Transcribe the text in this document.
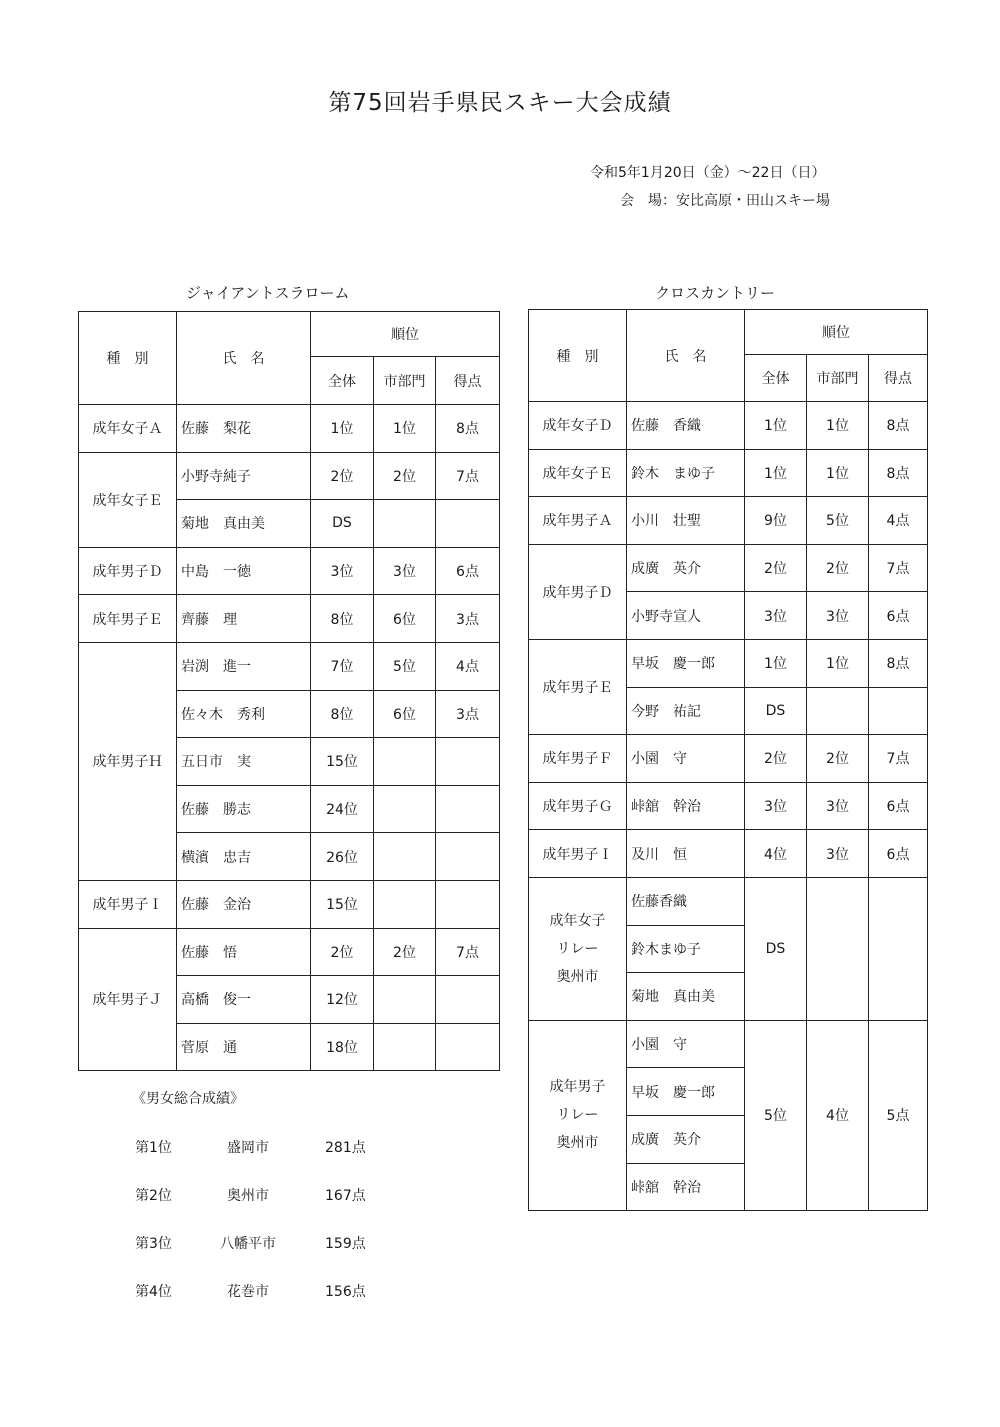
第75回岩手県民スキー大会成績
令和5年1月20日（金）～22日（日）
会　場：安比高原・田山スキー場
ジャイアントスラローム	クロスカントリー
種　別	氏　名	順位		
		全体	市部門	得点
成年女子Ａ	佐藤　梨花	1位	1位	8点
成年女子Ｅ	小野寺純子	2位	2位	7点
	菊地　真由美	DS		
成年男子Ｄ	中島　一徳	3位	3位	6点
成年男子Ｅ	齊藤　理	8位	6位	3点
成年男子Ｈ	岩渕　進一	7位	5位	4点
	佐々木　秀利	8位	6位	3点
	五日市　実	15位		
	佐藤　勝志	24位		
	横濱　忠吉	26位		
成年男子Ｉ	佐藤　金治	15位		
成年男子Ｊ	佐藤　悟	2位	2位	7点
	高橋　俊一	12位		
	菅原　通	18位		
種　別	氏　名	順位		
		全体	市部門	得点
成年女子Ｄ	佐藤　香織	1位	1位	8点
成年女子Ｅ	鈴木　まゆ子	1位	1位	8点
成年男子Ａ	小川　壮聖	9位	5位	4点
成年男子Ｄ	成廣　英介	2位	2位	7点
	小野寺宣人	3位	3位	6点
成年男子Ｅ	早坂　慶一郎	1位	1位	8点
	今野　祐記	DS		
成年男子Ｆ	小園　守	2位	2位	7点
成年男子Ｇ	峠舘　幹治	3位	3位	6点
成年男子Ｉ	及川　恒	4位	3位	6点

成年女子
リレー
奥州市	佐藤香織	DS		
	鈴木まゆ子			
	菊地　真由美			

成年男子
リレー
奥州市	小園　守	5位	4位	5点
	早坂　慶一郎			
	成廣　英介			
	峠舘　幹治			
《男女総合成績》
第1位	盛岡市	281点
第2位	奥州市	167点
第3位	八幡平市	159点
第4位	花巻市	156点
